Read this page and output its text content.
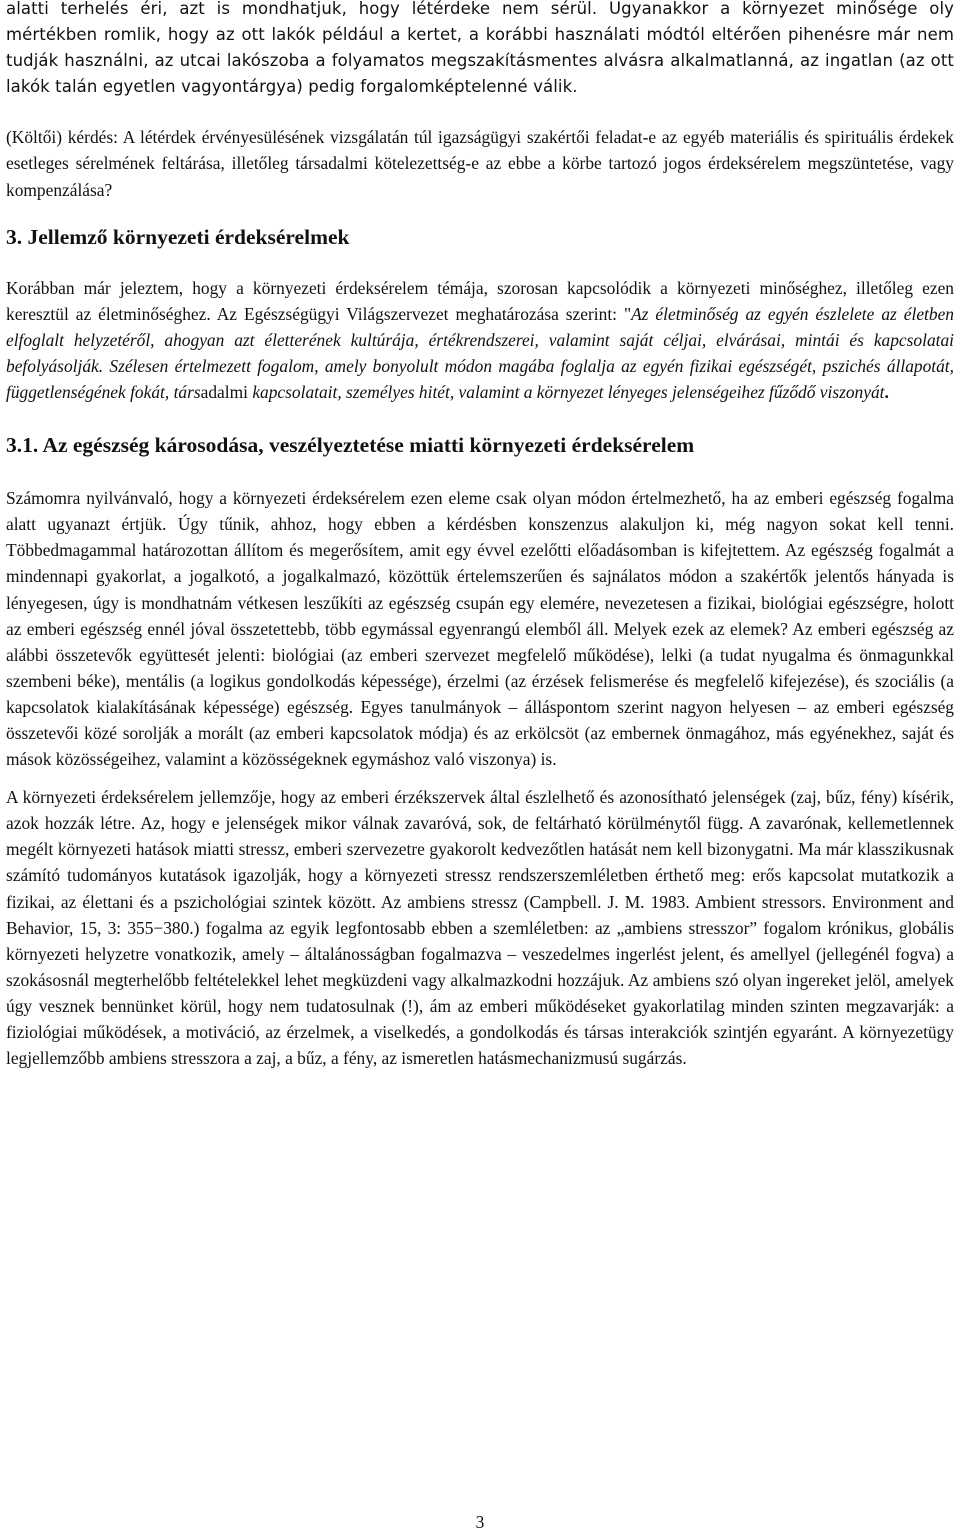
alatti terhelés éri, azt is mondhatjuk, hogy létérdeke nem sérül. Ugyanakkor a környezet minősége oly mértékben romlik, hogy az ott lakók például a kertet, a korábbi használati módtól eltérően pihenésre már nem tudják használni, az utcai lakószoba a folyamatos megszakításmentes alvásra alkalmatlanná, az ingatlan (az ott lakók talán egyetlen vagyontárgya) pedig forgalomképtelenné válik.

(Költői) kérdés: A létérdek érvényesülésének vizsgálatán túl igazságügyi szakértői feladat-e az egyéb materiális és spirituális érdekek esetleges sérelmének feltárása, illetőleg társadalmi kötelezettség-e az ebbe a körbe tartozó jogos érdeksérelem megszüntetése, vagy kompenzálása?

3. Jellemző környezeti érdeksérelmek

Korábban már jeleztem, hogy a környezeti érdeksérelem témája, szorosan kapcsolódik a környezeti minőséghez, illetőleg ezen keresztül az életminőséghez. Az Egészségügyi Világszervezet meghatározása szerint: "Az életminőség az egyén észlelete az életben elfoglalt helyzetéről, ahogyan azt életterének kultúrája, értékrendszerei, valamint saját céljai, elvárásai, mintái és kapcsolatai befolyásolják. Szélesen értelmezett fogalom, amely bonyolult módon magába foglalja az egyén fizikai egészségét, pszichés állapotát, függetlenségének fokát, társadalmi kapcsolatait, személyes hitét, valamint a környezet lényeges jelenségeihez fűződő viszonyát.

3.1. Az egészség károsodása, veszélyeztetése miatti környezeti érdeksérelem

Számomra nyilvánvaló, hogy a környezeti érdeksérelem ezen eleme csak olyan módon értelmezhető, ha az emberi egészség fogalma alatt ugyanazt értjük. Úgy tűnik, ahhoz, hogy ebben a kérdésben konszenzus alakuljon ki, még nagyon sokat kell tenni. Többedmagammal határozottan állítom és megerősítem, amit egy évvel ezelőtti előadásomban is kifejtettem. Az egészség fogalmát a mindennapi gyakorlat, a jogalkotó, a jogalkalmazó, közöttük értelemszerűen és sajnálatos módon a szakértők jelentős hányada is lényegesen, úgy is mondhatnám vétkesen leszűkíti az egészség csupán egy elemére, nevezetesen a fizikai, biológiai egészségre, holott az emberi egészség ennél jóval összetettebb, több egymással egyenrangú elemből áll. Melyek ezek az elemek? Az emberi egészség az alábbi összetevők együttesét jelenti: biológiai (az emberi szervezet megfelelő működése), lelki (a tudat nyugalma és önmagunkkal szembeni béke), mentális (a logikus gondolkodás képessége), érzelmi (az érzések felismerése és megfelelő kifejezése), és szociális (a kapcsolatok kialakításának képessége) egészség. Egyes tanulmányok – álláspontom szerint nagyon helyesen – az emberi egészség összetevői közé sorolják a morált (az emberi kapcsolatok módja) és az erkölcsöt (az embernek önmagához, más egyénekhez, saját és mások közösségeihez, valamint a közösségeknek egymáshoz való viszonya) is.

A környezeti érdeksérelem jellemzője, hogy az emberi érzékszervek által észlelhető és azonosítható jelenségek (zaj, bűz, fény) kísérik, azok hozzák létre. Az, hogy e jelenségek mikor válnak zavaróvá, sok, de feltárható körülménytől függ. A zavarónak, kellemetlennek megélt környezeti hatások miatti stressz, emberi szervezetre gyakorolt kedvezőtlen hatását nem kell bizonygatni. Ma már klasszikusnak számító tudományos kutatások igazolják, hogy a környezeti stressz rendszerszemléletben érthető meg: erős kapcsolat mutatkozik a fizikai, az élettani és a pszichológiai szintek között. Az ambiens stressz (Campbell. J. M. 1983. Ambient stressors. Environment and Behavior, 15, 3: 355−380.) fogalma az egyik legfontosabb ebben a szemléletben: az „ambiens stresszor” fogalom krónikus, globális környezeti helyzetre vonatkozik, amely – általánosságban fogalmazva – veszedelmes ingerlést jelent, és amellyel (jellegénél fogva) a szokásosnál megterhelőbb feltételekkel lehet megküzdeni vagy alkalmazkodni hozzájuk. Az ambiens szó olyan ingereket jelöl, amelyek úgy vesznek bennünket körül, hogy nem tudatosulnak (!), ám az emberi működéseket gyakorlatilag minden szinten megzavarják: a fiziológiai működések, a motiváció, az érzelmek, a viselkedés, a gondolkodás és társas interakciók szintjén egyaránt. A környezetügy legjellemzőbb ambiens stresszora a zaj, a bűz, a fény, az ismeretlen hatásmechanizmusú sugárzás.

3
